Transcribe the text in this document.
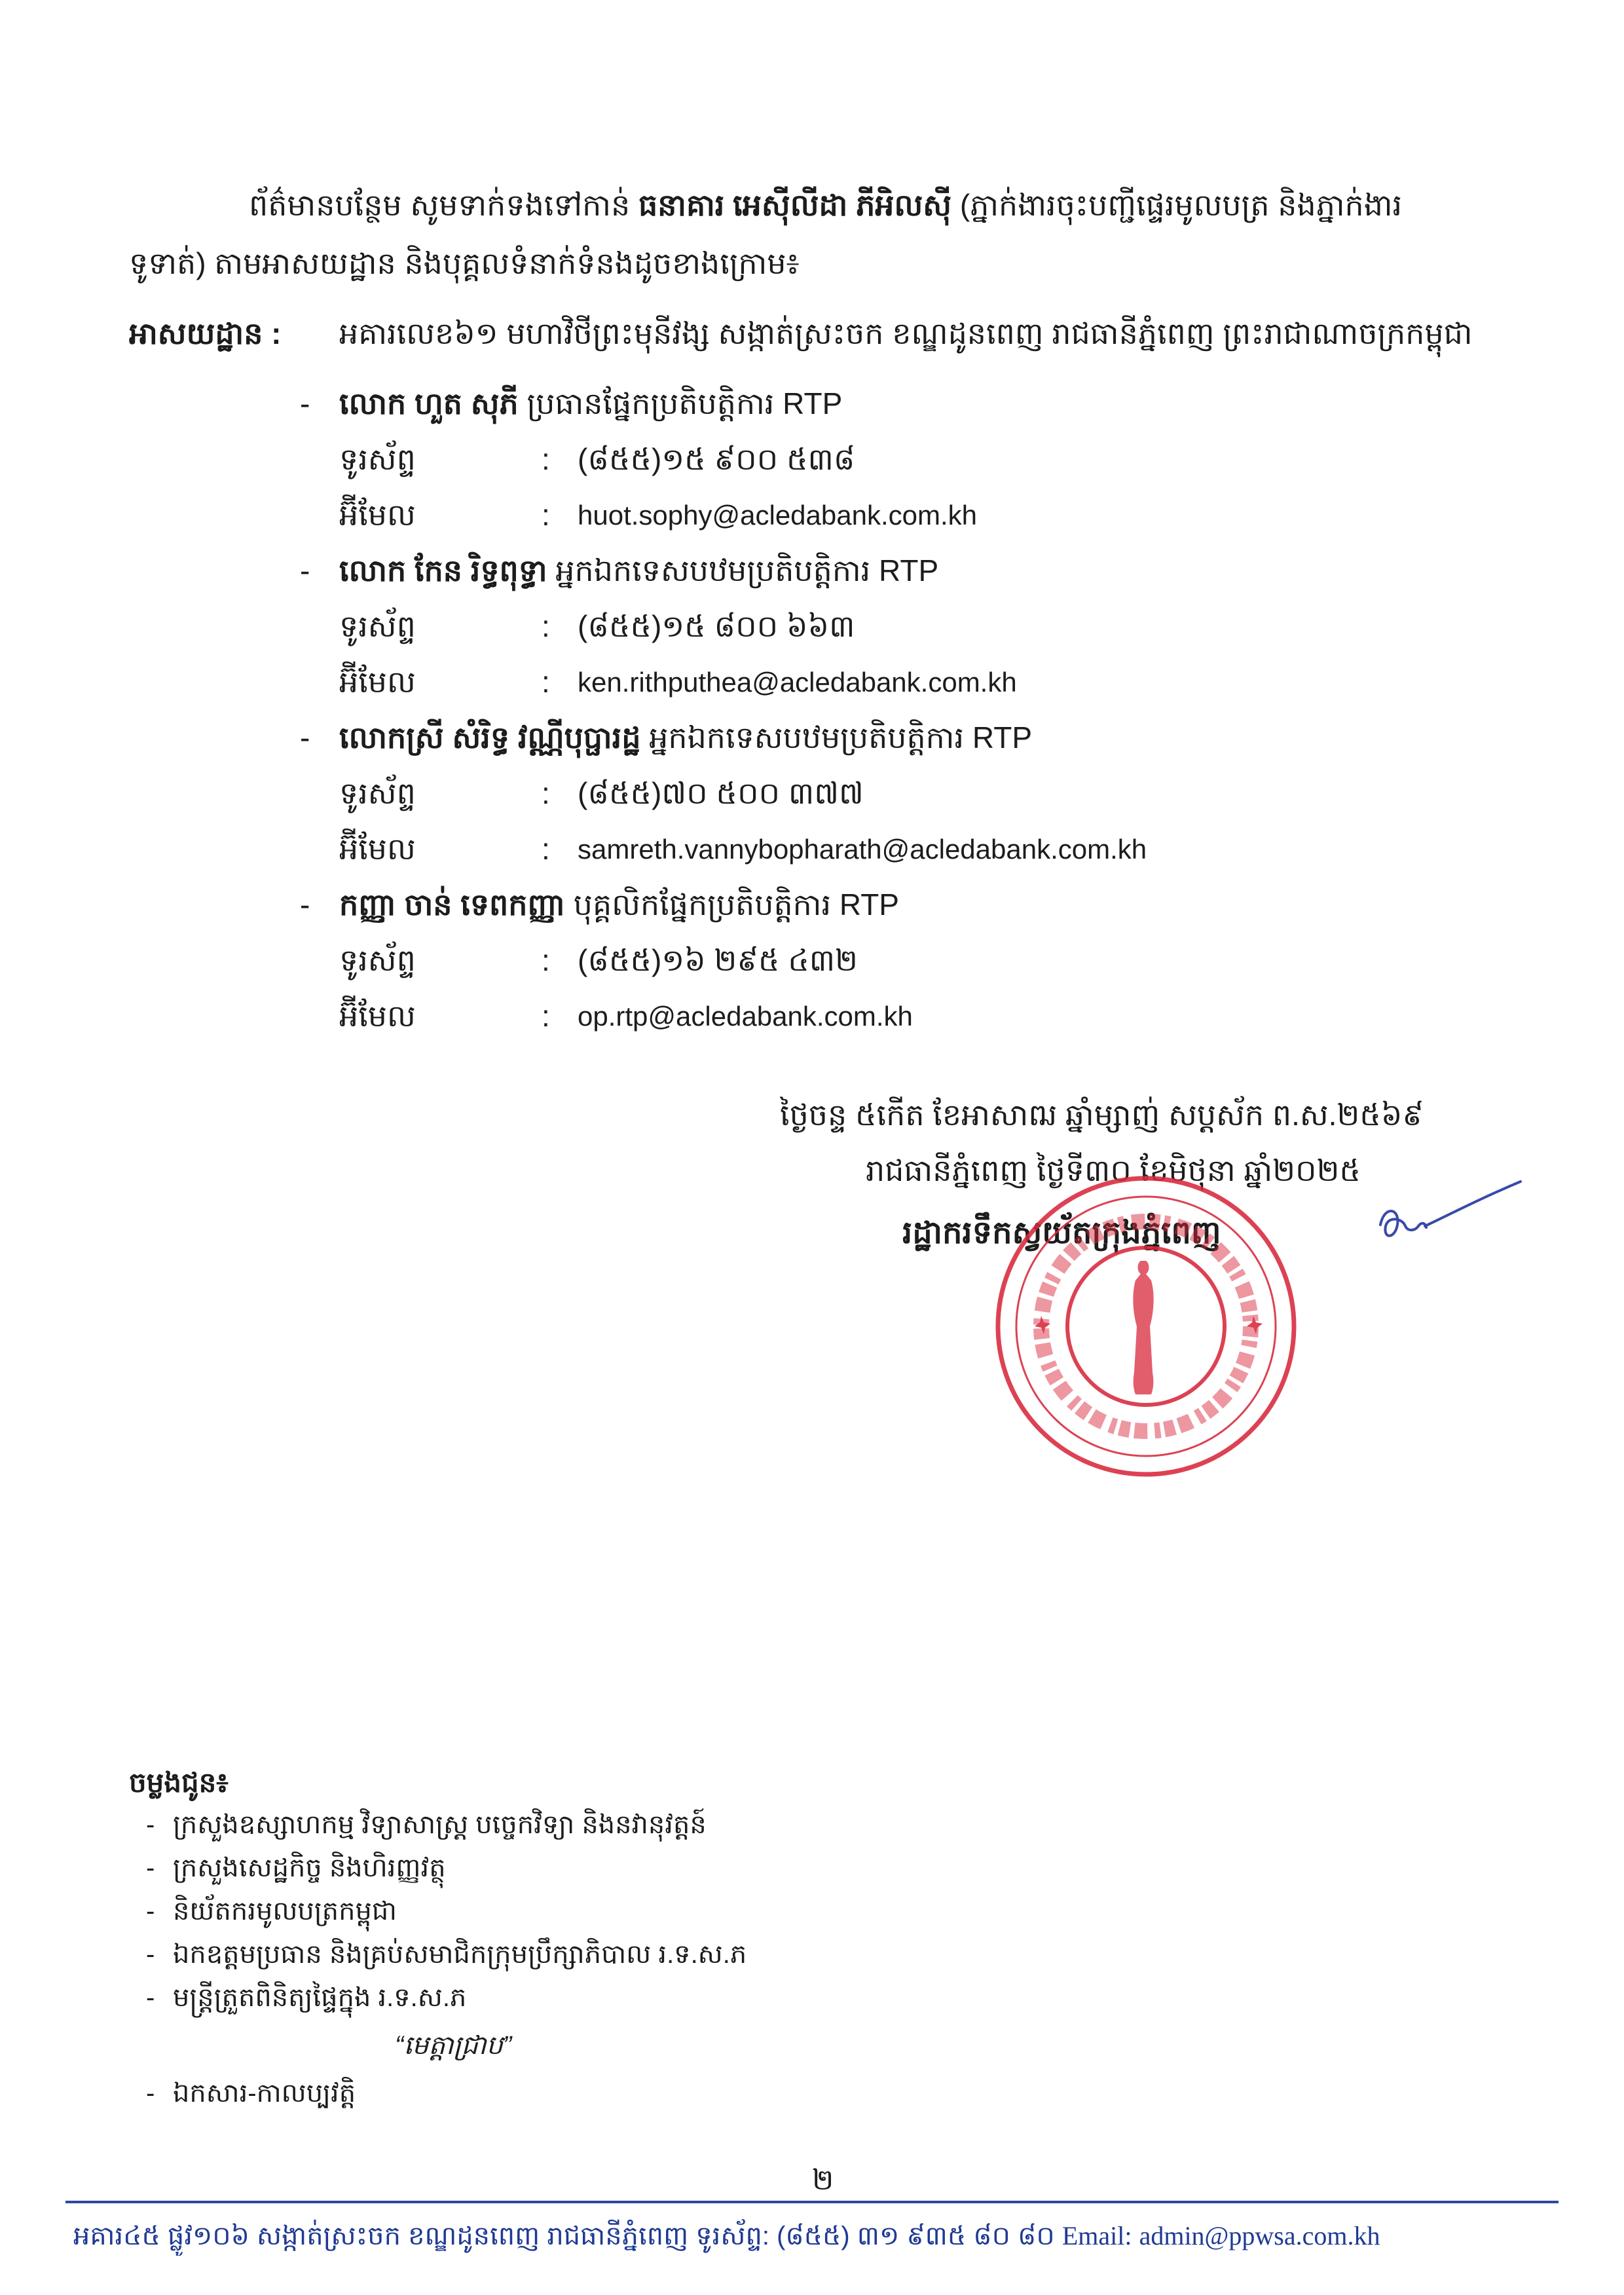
ព័ត៌មានបន្ថែម សូមទាក់ទងទៅកាន់ ធនាគារ អេស៊ីលីដា ភីអិលស៊ី (ភ្នាក់ងារចុះបញ្ជីផ្ទេរមូលបត្រ និងភ្នាក់ងារ
ទូទាត់) តាមអាសយដ្ឋាន និងបុគ្គលទំនាក់ទំនងដូចខាងក្រោម៖
អាសយដ្ឋាន : អគារលេខ៦១ មហាវិថីព្រះមុនីវង្ស សង្កាត់ស្រះចក ខណ្ឌដូនពេញ រាជធានីភ្នំពេញ ព្រះរាជាណាចក្រកម្ពុជា
- លោក ហួត សុភី ប្រធានផ្នែកប្រតិបត្តិការ RTP
ទូរស័ព្ទ	: (៨៥៥)១៥ ៩០០ ៥៣៨
អ៊ីមែល	: huot.sophy@acledabank.com.kh
- លោក កែន រិទ្ធពុទ្ធា អ្នកឯកទេសបឋមប្រតិបត្តិការ RTP
ទូរស័ព្ទ	: (៨៥៥)១៥ ៨០០ ៦៦៣
អ៊ីមែល	: ken.rithputhea@acledabank.com.kh
- លោកស្រី សំរិទ្ធ វណ្ណីបុប្ផារដ្ឋ អ្នកឯកទេសបឋមប្រតិបត្តិការ RTP
ទូរស័ព្ទ	: (៨៥៥)៧០ ៥០០ ៣៧៧
អ៊ីមែល	: samreth.vannybopharath@acledabank.com.kh
- កញ្ញា ចាន់ ទេពកញ្ញា បុគ្គលិកផ្នែកប្រតិបត្តិការ RTP
ទូរស័ព្ទ	: (៨៥៥)១៦ ២៩៥ ៤៣២
អ៊ីមែល	: op.rtp@acledabank.com.kh
ថ្ងៃចន្ទ ៥កើត ខែអាសាឍ ឆ្នាំម្សាញ់ សប្តស័ក ព.ស.២៥៦៩
រាជធានីភ្នំពេញ ថ្ងៃទី៣០ ខែមិថុនា ឆ្នាំ២០២៥
រដ្ឋាករទឹកស្វយ័តក្រុងភ្នំពេញ
ចម្លងជូន៖
- ក្រសួងឧស្សាហកម្ម វិទ្យាសាស្ត្រ បច្ចេកវិទ្យា និងនវានុវត្តន៍
- ក្រសួងសេដ្ឋកិច្ច និងហិរញ្ញវត្ថុ
- និយ័តករមូលបត្រកម្ពុជា
- ឯកឧត្តមប្រធាន និងគ្រប់សមាជិកក្រុមប្រឹក្សាភិបាល រ.ទ.ស.ភ
- មន្ត្រីត្រួតពិនិត្យផ្ទៃក្នុង រ.ទ.ស.ភ
“មេត្តាជ្រាប”
- ឯកសារ-កាលប្បវត្តិ
២
អគារ៤៥ ផ្លូវ១០៦ សង្កាត់ស្រះចក ខណ្ឌដូនពេញ រាជធានីភ្នំពេញ ទូរស័ព្ទ: (៨៥៥) ៣១ ៩៣៥ ៨០ ៨០ Email: admin@ppwsa.com.kh
